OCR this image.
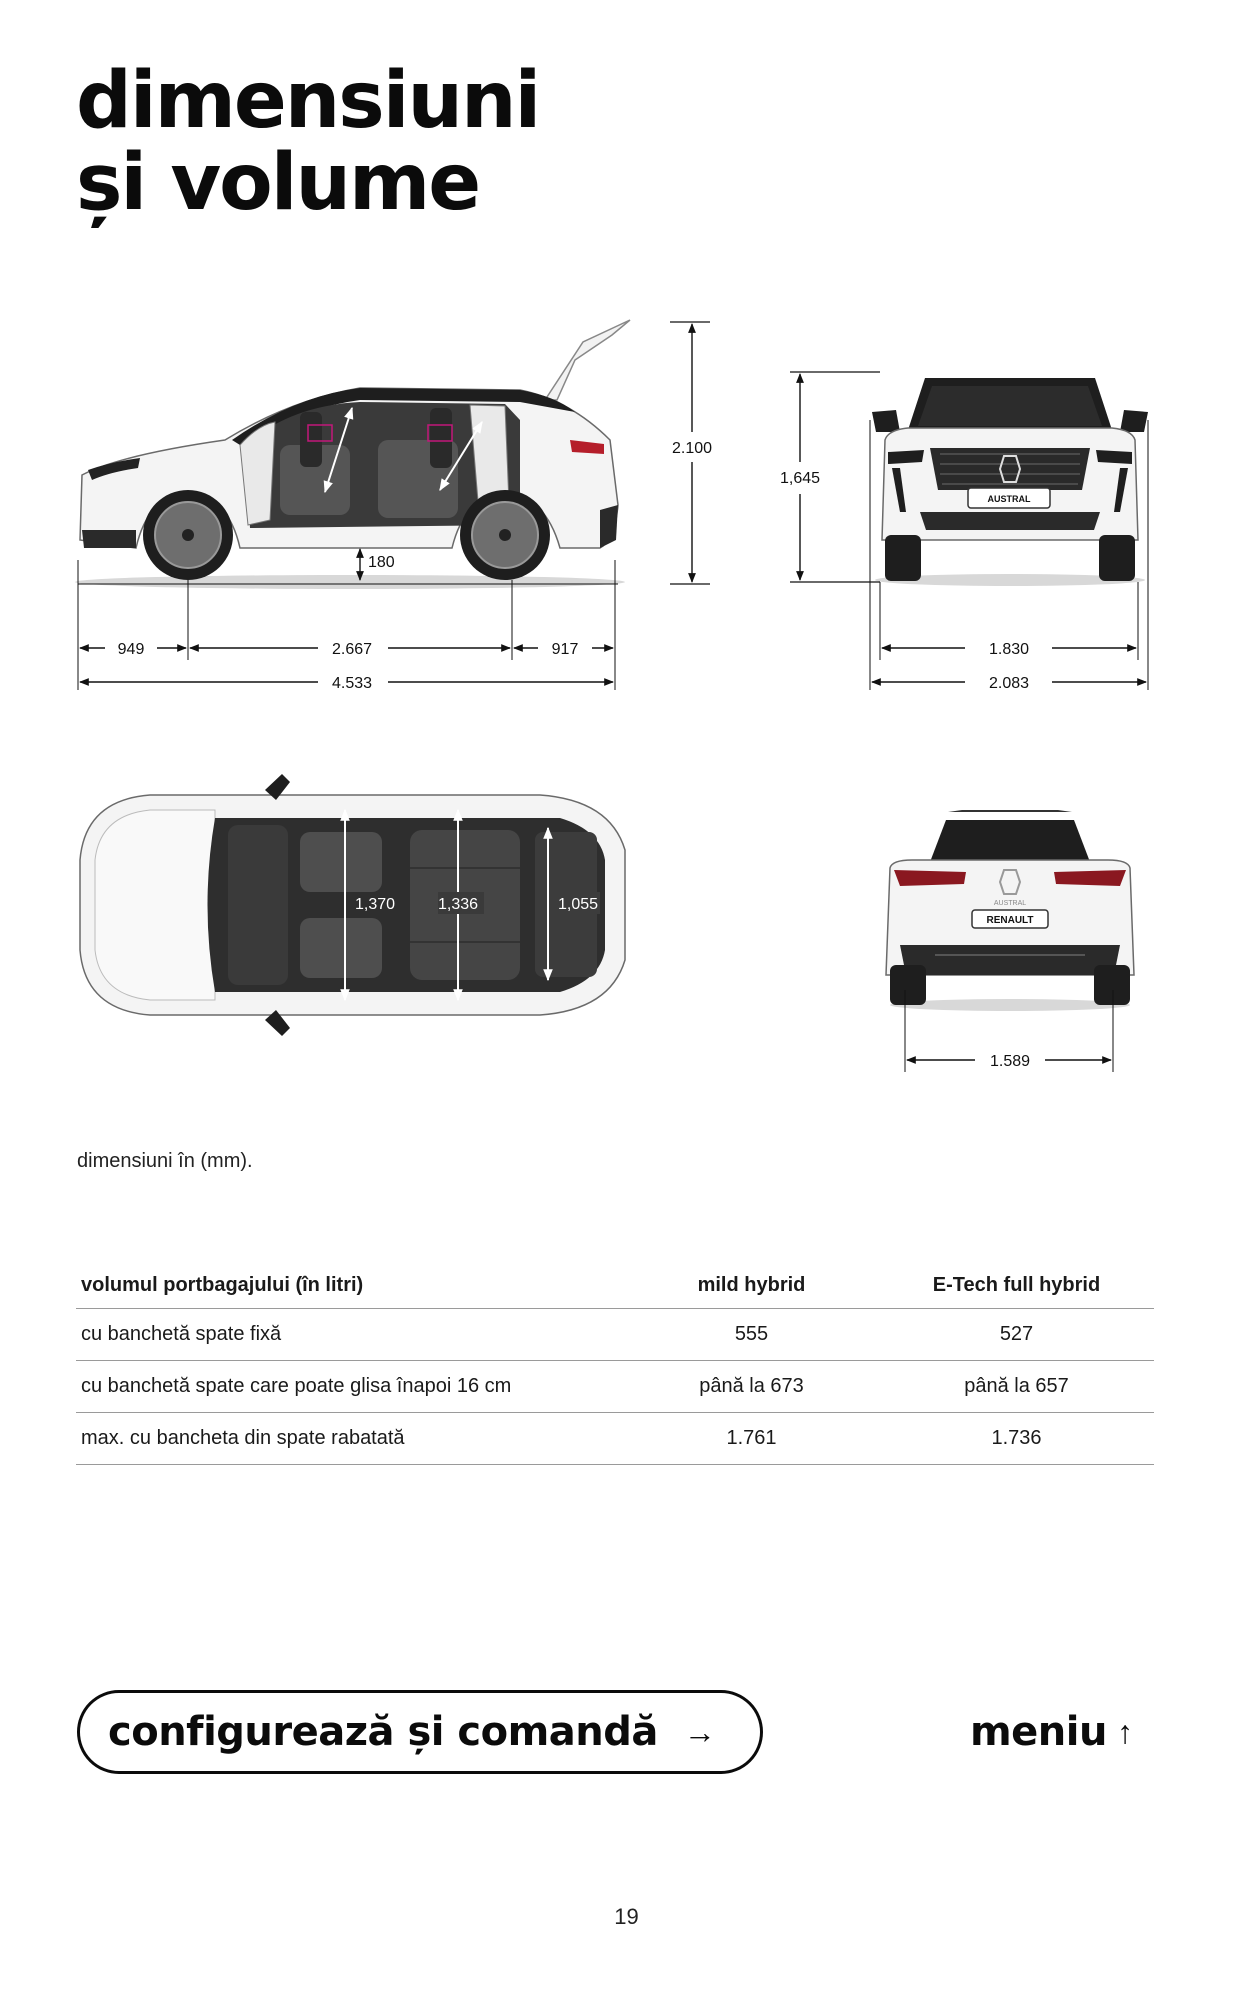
dimensiuni
și volume
2.100
180
949	2.667	917
4.533
AUSTRAL
1,645
1.830
2.083
1,370	1,336	1,055	AUSTRAL
RENAULT
1.589
dimensiuni în (mm).
volumul portbagajului (în litri)	mild hybrid	E-Tech full hybrid
cu banchetă spate fixă	555	527
cu banchetă spate care poate glisa înapoi 16 cm	până la 673	până la 657
max. cu bancheta din spate rabatată	1.761	1.736
configurează și comandă →	meniu ↑
19
